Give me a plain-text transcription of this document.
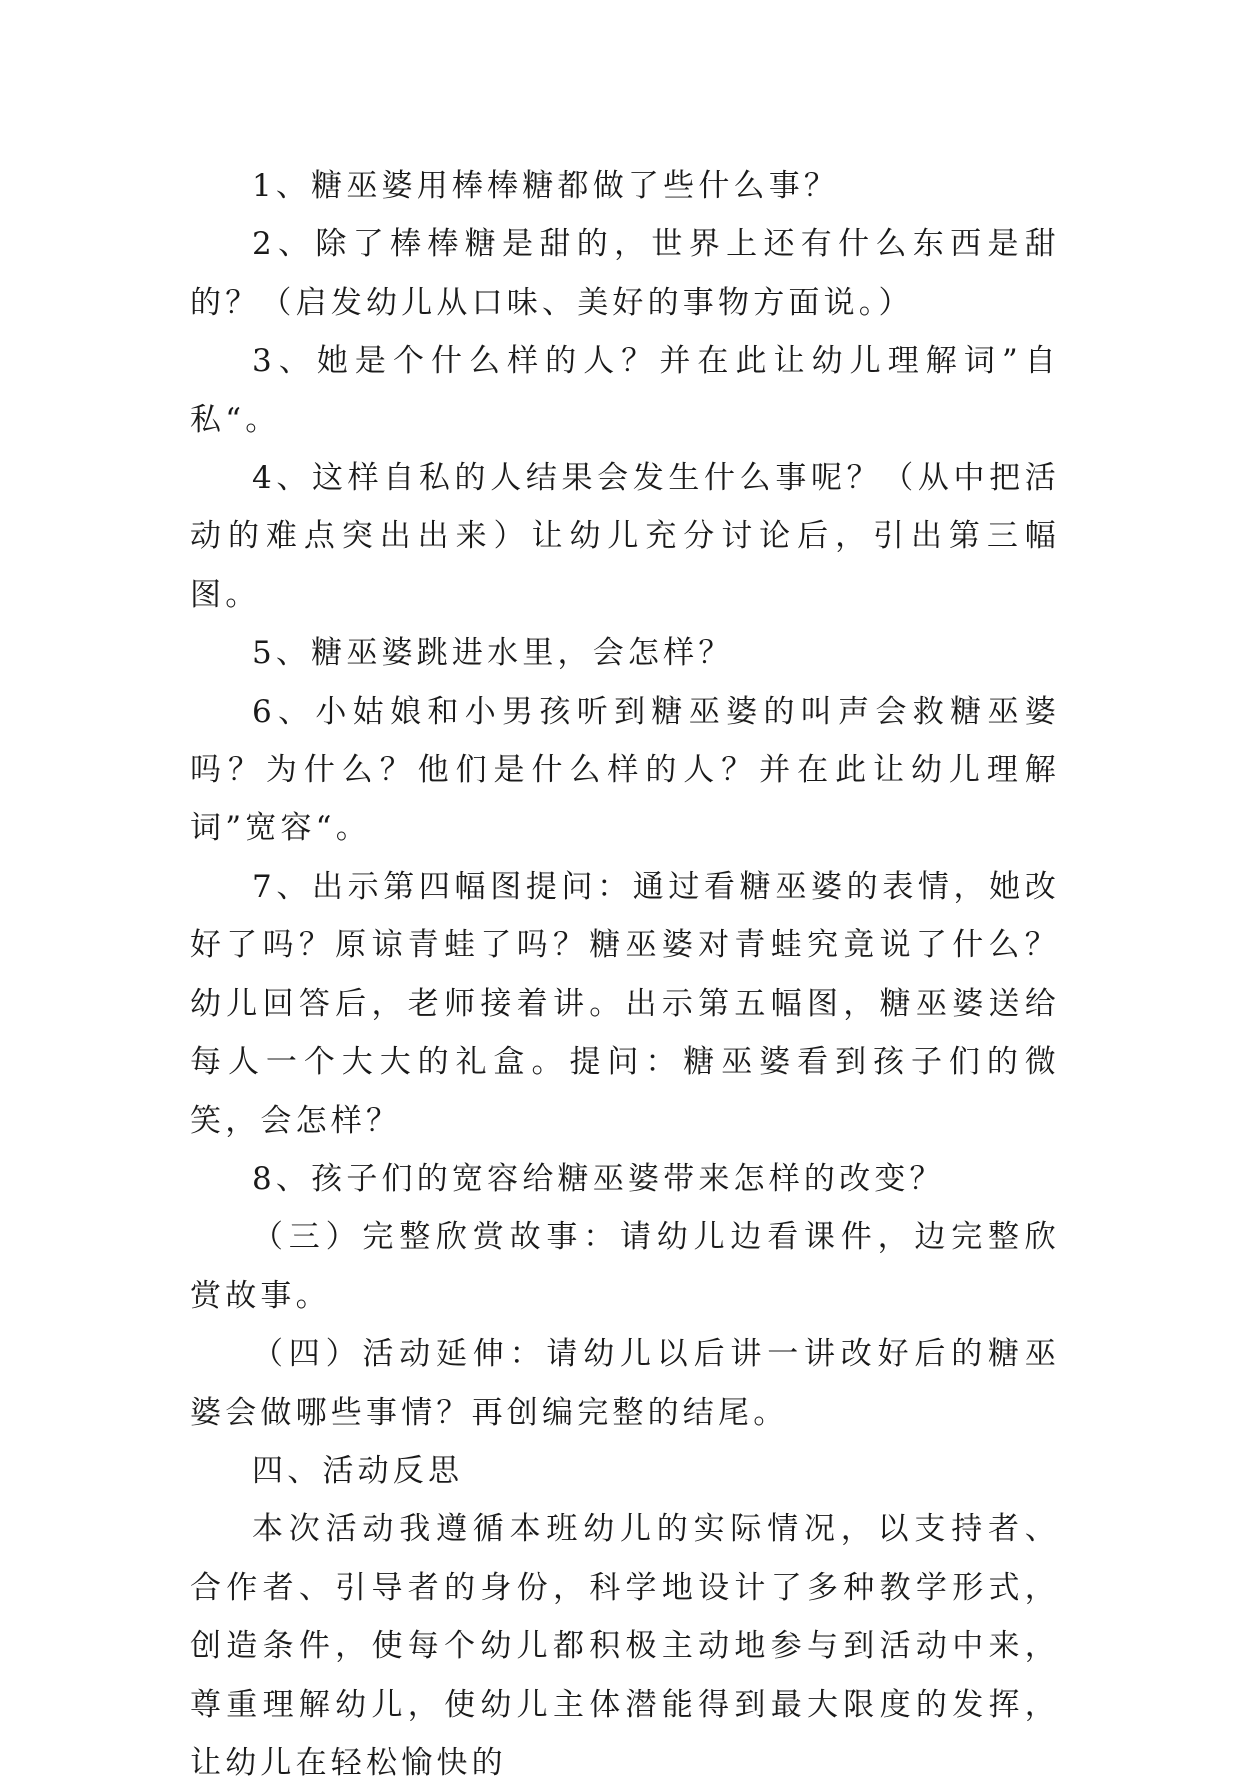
1、糖巫婆用棒棒糖都做了些什么事？

2、除了棒棒糖是甜的，世界上还有什么东西是甜的？（启发幼儿从口味、美好的事物方面说。）

3、她是个什么样的人？并在此让幼儿理解词”自私“。

4、这样自私的人结果会发生什么事呢？（从中把活动的难点突出出来）让幼儿充分讨论后，引出第三幅图。

5、糖巫婆跳进水里，会怎样？

6、小姑娘和小男孩听到糖巫婆的叫声会救糖巫婆吗？为什么？他们是什么样的人？并在此让幼儿理解词”宽容“。

7、出示第四幅图提问：通过看糖巫婆的表情，她改好了吗？原谅青蛙了吗？糖巫婆对青蛙究竟说了什么？幼儿回答后，老师接着讲。出示第五幅图，糖巫婆送给每人一个大大的礼盒。提问：糖巫婆看到孩子们的微笑，会怎样？

8、孩子们的宽容给糖巫婆带来怎样的改变？

（三）完整欣赏故事：请幼儿边看课件，边完整欣赏故事。

（四）活动延伸：请幼儿以后讲一讲改好后的糖巫婆会做哪些事情？再创编完整的结尾。

四、活动反思

本次活动我遵循本班幼儿的实际情况，以支持者、合作者、引导者的身份，科学地设计了多种教学形式，创造条件，使每个幼儿都积极主动地参与到活动中来，尊重理解幼儿，使幼儿主体潜能得到最大限度的发挥，让幼儿在轻松愉快的
